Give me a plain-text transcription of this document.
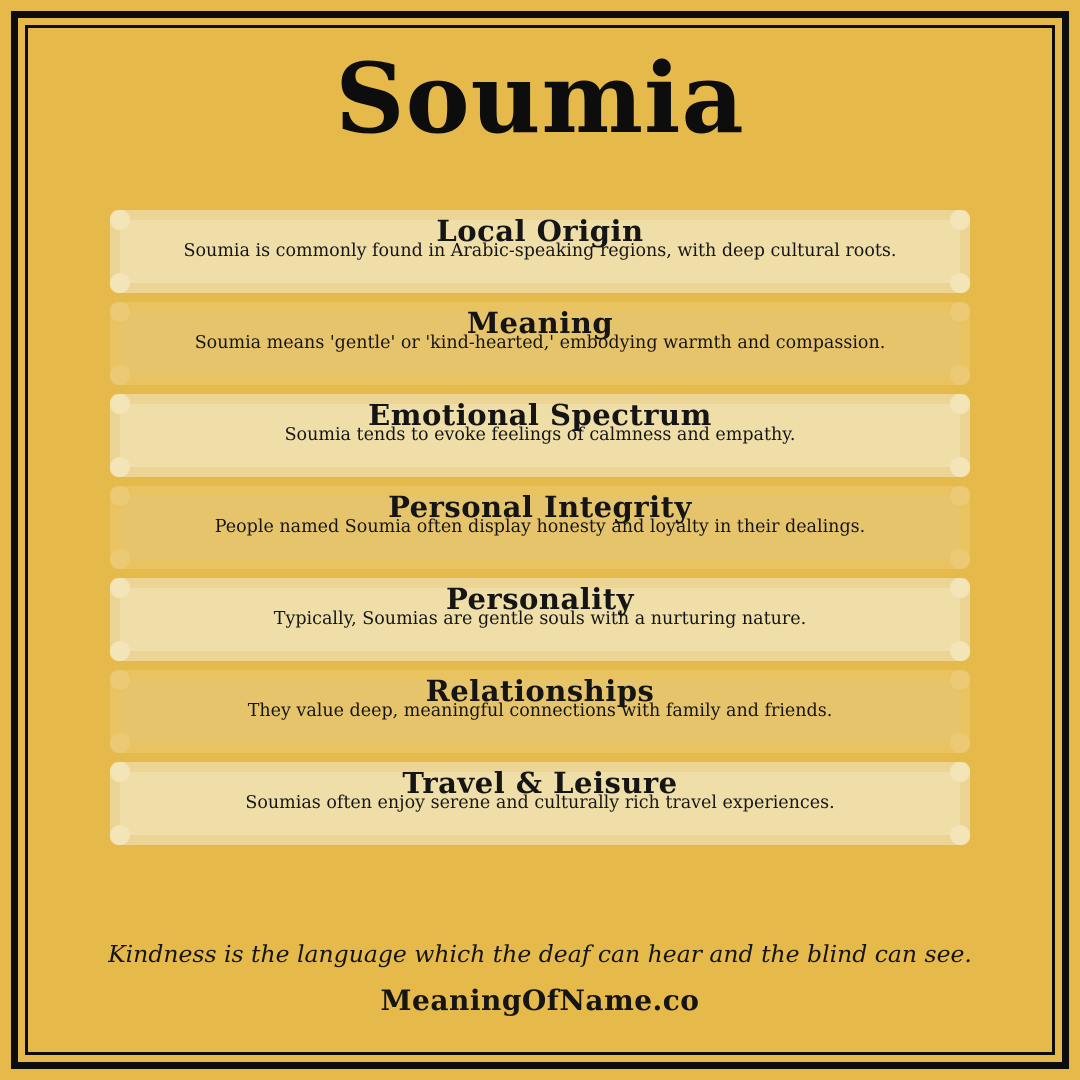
Soumia
Local Origin
Soumia is commonly found in Arabic-speaking regions, with deep cultural roots.
Meaning
Soumia means 'gentle' or 'kind-hearted,' embodying warmth and compassion.
Emotional Spectrum
Soumia tends to evoke feelings of calmness and empathy.
Personal Integrity
People named Soumia often display honesty and loyalty in their dealings.
Personality
Typically, Soumias are gentle souls with a nurturing nature.
Relationships
They value deep, meaningful connections with family and friends.
Travel & Leisure
Soumias often enjoy serene and culturally rich travel experiences.
Kindness is the language which the deaf can hear and the blind can see.
MeaningOfName.co
